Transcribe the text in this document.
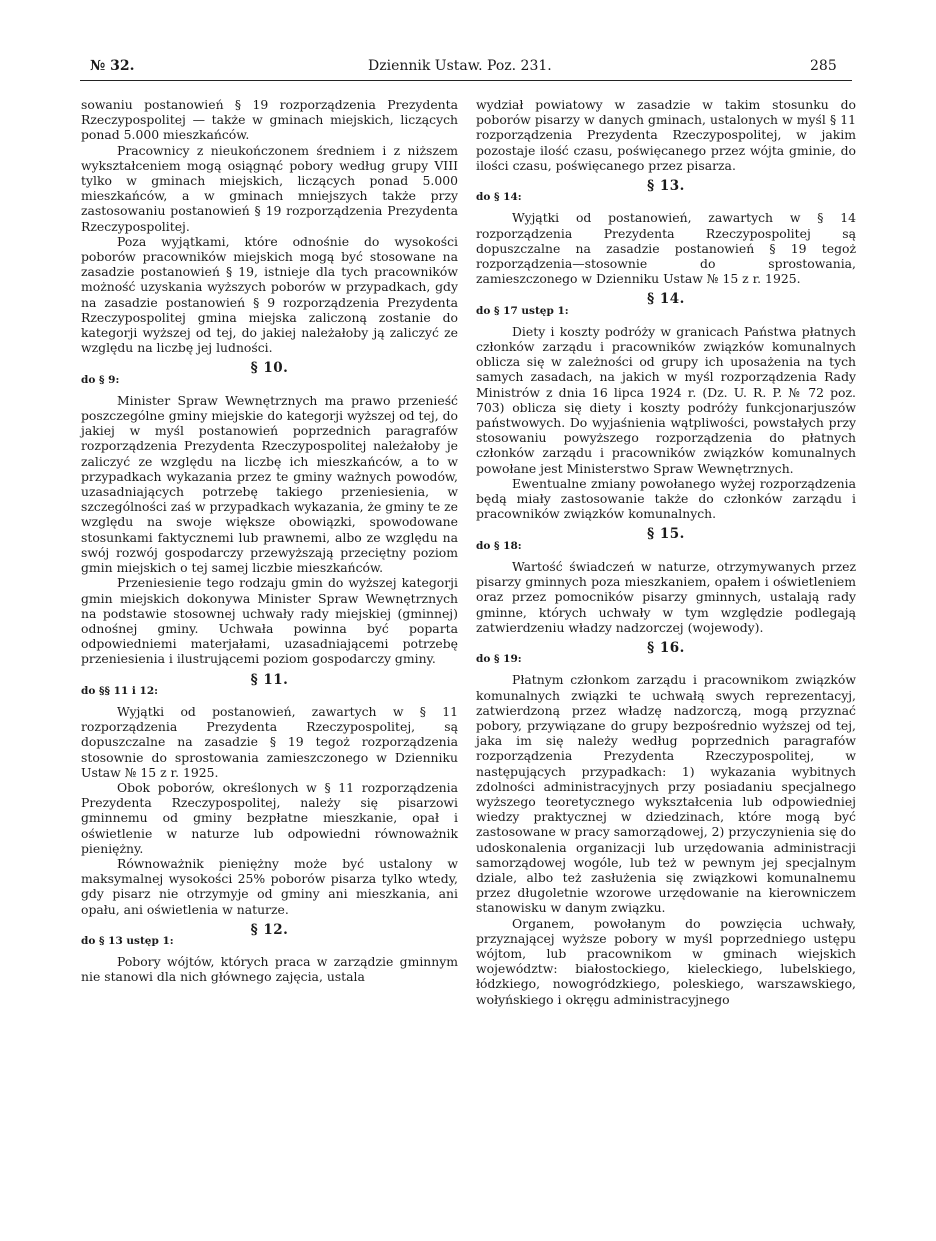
№ 32.	Dziennik Ustaw. Poz. 231.	285

sowaniu postanowień § 19 rozporządzenia Prezydenta Rzeczypospolitej — także w gminach miejskich, liczących ponad 5.000 mieszkańców.

Pracownicy z nieukończonem średniem i z niższem wykształceniem mogą osiągnąć pobory według grupy VIII tylko w gminach miejskich, liczących ponad 5.000 mieszkańców, a w gminach mniejszych także przy zastosowaniu postanowień § 19 rozporządzenia Prezydenta Rzeczypospolitej.

Poza wyjątkami, które odnośnie do wysokości poborów pracowników miejskich mogą być stosowane na zasadzie postanowień § 19, istnieje dla tych pracowników możność uzyskania wyższych poborów w przypadkach, gdy na zasadzie postanowień § 9 rozporządzenia Prezydenta Rzeczypospolitej gmina miejska zaliczoną zostanie do kategorji wyższej od tej, do jakiej należałoby ją zaliczyć ze względu na liczbę jej ludności.

§ 10.
do § 9:

Minister Spraw Wewnętrznych ma prawo przenieść poszczególne gminy miejskie do kategorji wyższej od tej, do jakiej w myśl postanowień poprzednich paragrafów rozporządzenia Prezydenta Rzeczypospolitej należałoby je zaliczyć ze względu na liczbę ich mieszkańców, a to w przypadkach wykazania przez te gminy ważnych powodów, uzasadniających potrzebę takiego przeniesienia, w szczególności zaś w przypadkach wykazania, że gminy te ze względu na swoje większe obowiązki, spowodowane stosunkami faktycznemi lub prawnemi, albo ze względu na swój rozwój gospodarczy przewyższają przeciętny poziom gmin miejskich o tej samej liczbie mieszkańców.

Przeniesienie tego rodzaju gmin do wyższej kategorji gmin miejskich dokonywa Minister Spraw Wewnętrznych na podstawie stosownej uchwały rady miejskiej (gminnej) odnośnej gminy. Uchwała powinna być poparta odpowiedniemi materjałami, uzasadniającemi potrzebę przeniesienia i ilustrującemi poziom gospodarczy gminy.

§ 11.
do §§ 11 i 12:

Wyjątki od postanowień, zawartych w § 11 rozporządzenia Prezydenta Rzeczypospolitej, są dopuszczalne na zasadzie § 19 tegoż rozporządzenia stosownie do sprostowania zamieszczonego w Dzienniku Ustaw № 15 z r. 1925.

Obok poborów, określonych w § 11 rozporządzenia Prezydenta Rzeczypospolitej, należy się pisarzowi gminnemu od gminy bezpłatne mieszkanie, opał i oświetlenie w naturze lub odpowiedni równoważnik pieniężny.

Równoważnik pieniężny może być ustalony w maksymalnej wysokości 25% poborów pisarza tylko wtedy, gdy pisarz nie otrzymyje od gminy ani mieszkania, ani opału, ani oświetlenia w naturze.

§ 12.
do § 13 ustęp 1:

Pobory wójtów, których praca w zarządzie gminnym nie stanowi dla nich głównego zajęcia, ustala

wydział powiatowy w zasadzie w takim stosunku do poborów pisarzy w danych gminach, ustalonych w myśl § 11 rozporządzenia Prezydenta Rzeczypospolitej, w jakim pozostaje ilość czasu, poświęcanego przez wójta gminie, do ilości czasu, poświęcanego przez pisarza.

§ 13.
do § 14:

Wyjątki od postanowień, zawartych w § 14 rozporządzenia Prezydenta Rzeczypospolitej są dopuszczalne na zasadzie postanowień § 19 tegoż rozporządzenia—stosownie do sprostowania, zamieszczonego w Dzienniku Ustaw № 15 z r. 1925.

§ 14.
do § 17 ustęp 1:

Diety i koszty podróży w granicach Państwa płatnych członków zarządu i pracowników związków komunalnych oblicza się w zależności od grupy ich uposażenia na tych samych zasadach, na jakich w myśl rozporządzenia Rady Ministrów z dnia 16 lipca 1924 r. (Dz. U. R. P. № 72 poz. 703) oblicza się diety i koszty podróży funkcjonarjuszów państwowych. Do wyjaśnienia wątpliwości, powstałych przy stosowaniu powyższego rozporządzenia do płatnych członków zarządu i pracowników związków komunalnych powołane jest Ministerstwo Spraw Wewnętrznych.

Ewentualne zmiany powołanego wyżej rozporządzenia będą miały zastosowanie także do członków zarządu i pracowników związków komunalnych.

§ 15.
do § 18:

Wartość świadczeń w naturze, otrzymywanych przez pisarzy gminnych poza mieszkaniem, opałem i oświetleniem oraz przez pomocników pisarzy gminnych, ustalają rady gminne, których uchwały w tym względzie podlegają zatwierdzeniu władzy nadzorczej (wojewody).

§ 16.
do § 19:

Płatnym członkom zarządu i pracownikom związków komunalnych związki te uchwałą swych reprezentacyj, zatwierdzoną przez władzę nadzorczą, mogą przyznać pobory, przywiązane do grupy bezpośrednio wyższej od tej, jaka im się należy według poprzednich paragrafów rozporządzenia Prezydenta Rzeczypospolitej, w następujących przypadkach: 1) wykazania wybitnych zdolności administracyjnych przy posiadaniu specjalnego wyższego teoretycznego wykształcenia lub odpowiedniej wiedzy praktycznej w dziedzinach, które mogą być zastosowane w pracy samorządowej, 2) przyczynienia się do udoskonalenia organizacji lub urzędowania administracji samorządowej wogóle, lub też w pewnym jej specjalnym dziale, albo też zasłużenia się związkowi komunalnemu przez długoletnie wzorowe urzędowanie na kierowniczem stanowisku w danym związku.

Organem, powołanym do powzięcia uchwały, przyznającej wyższe pobory w myśl poprzedniego ustępu wójtom, lub pracownikom w gminach wiejskich województw: białostockiego, kieleckiego, lubelskiego, łódzkiego, nowogródzkiego, poleskiego, warszawskiego, wołyńskiego i okręgu administracyjnego
